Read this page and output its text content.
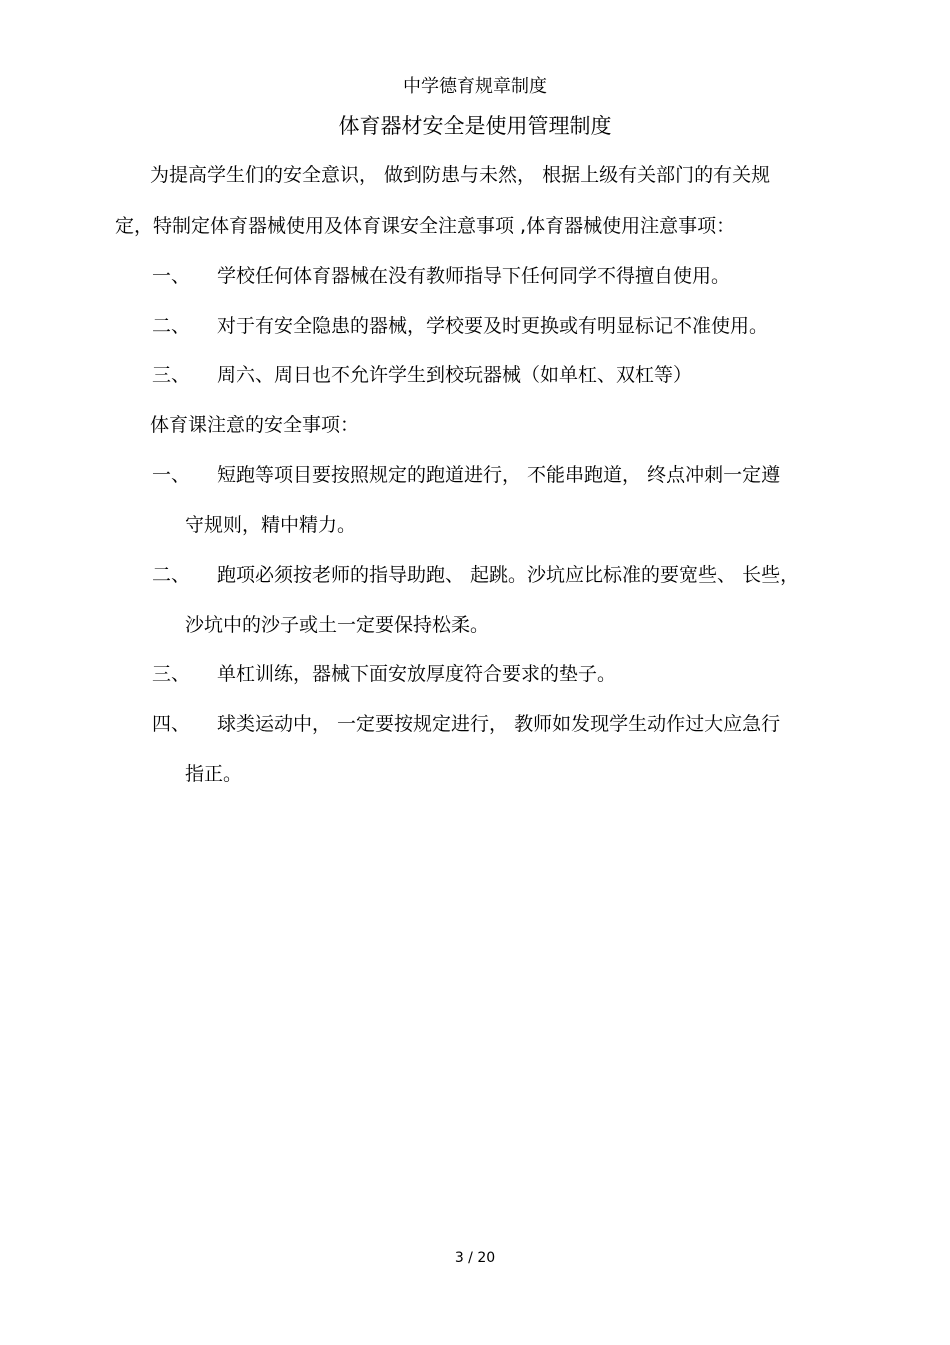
中学德育规章制度
体育器材安全是使用管理制度
为提高学生们的安全意识， 做到防患与未然， 根据上级有关部门的有关规
定，特制定体育器械使用及体育课安全注意事项 ,体育器械使用注意事项：
一、 学校任何体育器械在没有教师指导下任何同学不得擅自使用。
二、 对于有安全隐患的器械，学校要及时更换或有明显标记不准使用。
三、 周六、周日也不允许学生到校玩器械（如单杠、双杠等）
体育课注意的安全事项：
一、 短跑等项目要按照规定的跑道进行， 不能串跑道， 终点冲刺一定遵
守规则，精中精力。
二、 跑项必须按老师的指导助跑、 起跳。沙坑应比标准的要宽些、 长些，
沙坑中的沙子或土一定要保持松柔。
三、 单杠训练，器械下面安放厚度符合要求的垫子。
四、 球类运动中， 一定要按规定进行， 教师如发现学生动作过大应急行
指正。
3 / 20
